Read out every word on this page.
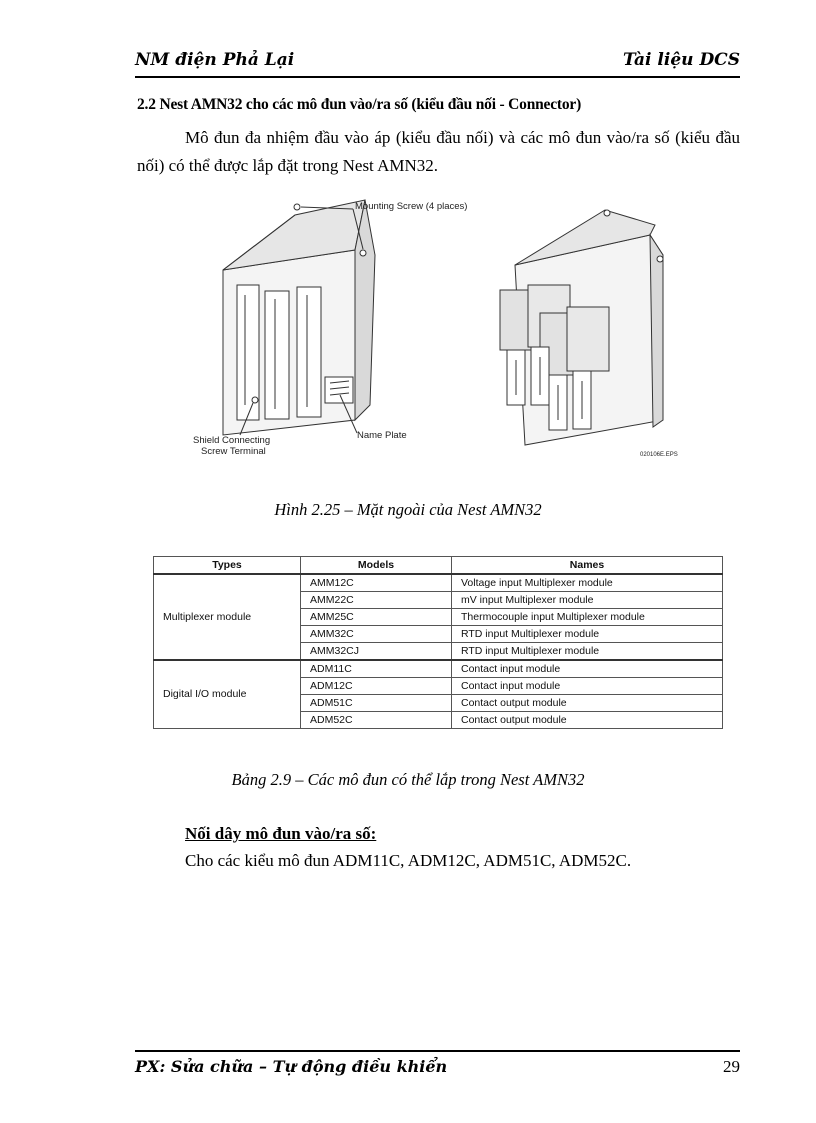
NM điện Phả Lại	Tài liệu DCS
2.2 Nest AMN32 cho các mô đun vào/ra số (kiểu đầu nối - Connector)

Mô đun đa nhiệm đầu vào áp (kiểu đầu nối) và các mô đun vào/ra số (kiểu đầu nối) có thể được lắp đặt trong Nest AMN32.

Mounting Screw (4 places)
Shield Connecting
Screw Terminal
Name Plate
020106E.EPS
Hình 2.25 – Mặt ngoài của Nest AMN32
Types	Models	Names
Multiplexer module	AMM12C	Voltage input Multiplexer module
	AMM22C	mV input Multiplexer module
	AMM25C	Thermocouple input Multiplexer module
	AMM32C	RTD input Multiplexer module
	AMM32CJ	RTD input Multiplexer module
Digital I/O module	ADM11C	Contact input module
	ADM12C	Contact input module
	ADM51C	Contact output module
	ADM52C	Contact output module
Bảng 2.9 – Các mô đun có thể lắp trong Nest AMN32
Nối dây mô đun vào/ra số:
Cho các kiểu mô đun ADM11C, ADM12C, ADM51C, ADM52C.
PX: Sửa chữa – Tự động điều khiển	29
